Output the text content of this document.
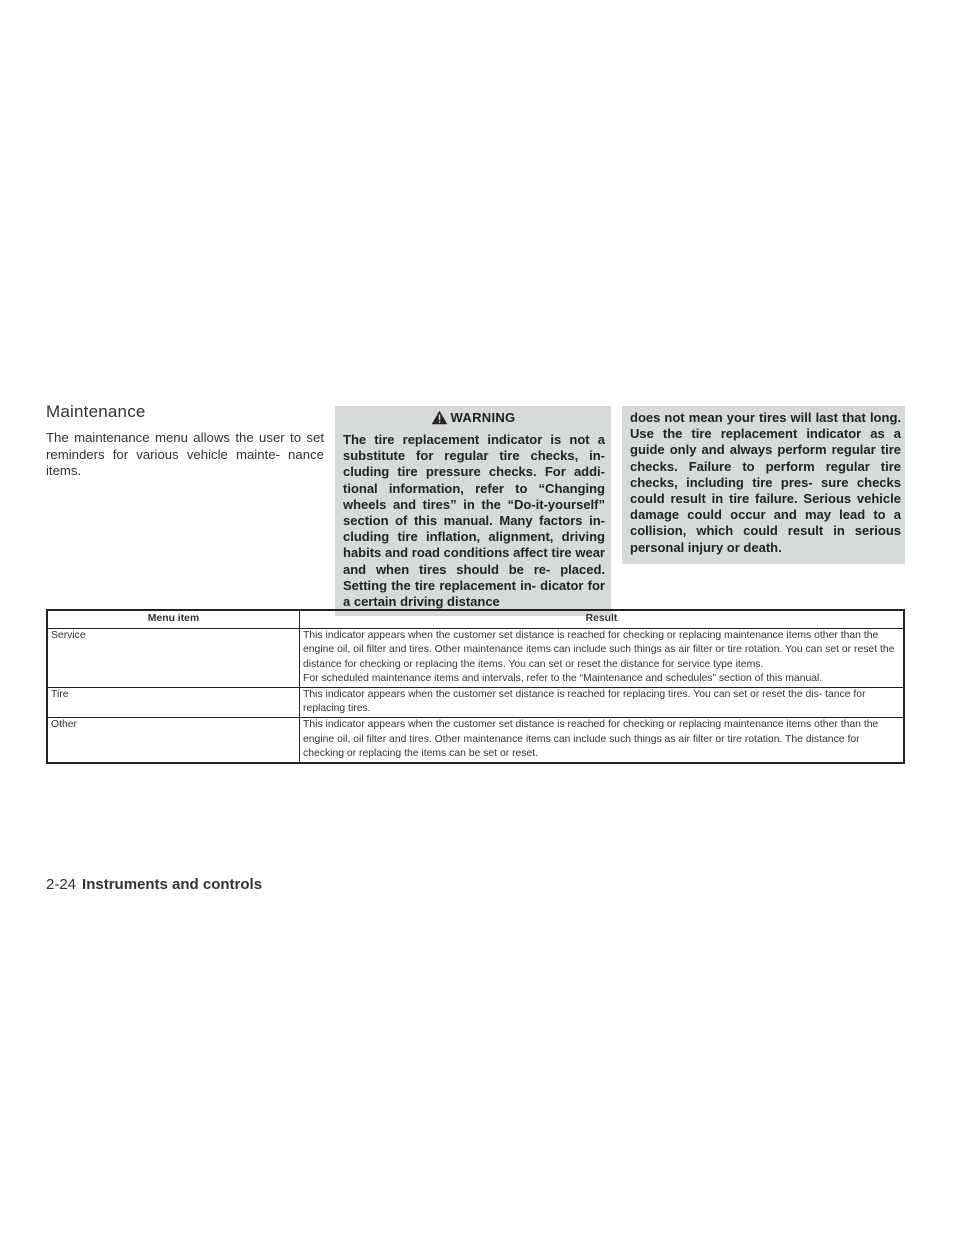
Maintenance
The maintenance menu allows the user to set reminders for various vehicle mainte- nance items.
WARNING
The tire replacement indicator is not a substitute for regular tire checks, in- cluding tire pressure checks. For addi- tional information, refer to “Changing wheels and tires” in the “Do-it-yourself” section of this manual. Many factors in- cluding tire inflation, alignment, driving habits and road conditions affect tire wear and when tires should be re- placed. Setting the tire replacement in- dicator for a certain driving distance
does not mean your tires will last that long. Use the tire replacement indicator as a guide only and always perform regular tire checks. Failure to perform regular tire checks, including tire pres- sure checks could result in tire failure. Serious vehicle damage could occur and may lead to a collision, which could result in serious personal injury or death.
Menu item	Result
Service	This indicator appears when the customer set distance is reached for checking or replacing maintenance items other than the engine oil, oil filter and tires. Other maintenance items can include such things as air filter or tire rotation. You can set or reset the distance for checking or replacing the items. You can set or reset the distance for service type items.
For scheduled maintenance items and intervals, refer to the “Maintenance and schedules” section of this manual.

Tire	This indicator appears when the customer set distance is reached for replacing tires. You can set or reset the dis- tance for replacing tires.

Other	This indicator appears when the customer set distance is reached for checking or replacing maintenance items other than the engine oil, oil filter and tires. Other maintenance items can include such things as air filter or tire rotation. The distance for checking or replacing the items can be set or reset.
2-24 Instruments and controls
